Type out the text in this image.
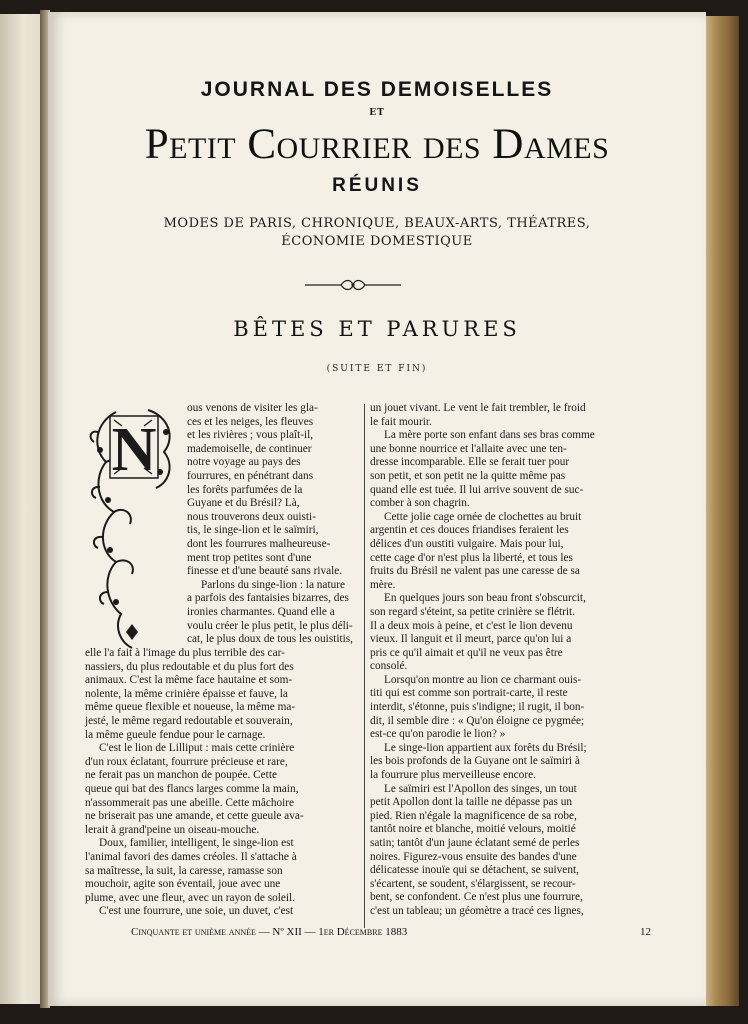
JOURNAL DES DEMOISELLES
ET
Petit Courrier des Dames
RÉUNIS
MODES DE PARIS, CHRONIQUE, BEAUX-ARTS, THÉATRES,
ÉCONOMIE DOMESTIQUE
BÊTES ET PARURES
(SUITE ET FIN)
N

ous venons de visiter les gla-

ces et les neiges, les fleuves

et les rivières ; vous plaît-il,

mademoiselle, de continuer

notre voyage au pays des

fourrures, en pénétrant dans

les forêts parfumées de la

Guyane et du Brésil? Là,

nous trouverons deux ouisti-

tis, le singe-lion et le saïmiri,

dont les fourrures malheureuse-

ment trop petites sont d'une

finesse et d'une beauté sans rivale.

Parlons du singe-lion : la nature

a parfois des fantaisies bizarres, des

ironies charmantes. Quand elle a

voulu créer le plus petit, le plus déli-

cat, le plus doux de tous les ouistitis,

elle l'a fait à l'image du plus terrible des car-

nassiers, du plus redoutable et du plus fort des

animaux. C'est la même face hautaine et som-

nolente, la même crinière épaisse et fauve, la

même queue flexible et noueuse, la même ma-

jesté, le même regard redoutable et souverain,

la même gueule fendue pour le carnage.

C'est le lion de Lilliput : mais cette crinière

d'un roux éclatant, fourrure précieuse et rare,

ne ferait pas un manchon de poupée. Cette

queue qui bat des flancs larges comme la main,

n'assommerait pas une abeille. Cette mâchoire

ne briserait pas une amande, et cette gueule ava-

lerait à grand'peine un oiseau-mouche.

Doux, familier, intelligent, le singe-lion est

l'animal favori des dames créoles. Il s'attache à

sa maîtresse, la suit, la caresse, ramasse son

mouchoir, agite son éventail, joue avec une

plume, avec une fleur, avec un rayon de soleil.

C'est une fourrure, une soie, un duvet, c'est

un jouet vivant. Le vent le fait trembler, le froid

le fait mourir.

La mère porte son enfant dans ses bras comme

une bonne nourrice et l'allaite avec une ten-

dresse incomparable. Elle se ferait tuer pour

son petit, et son petit ne la quitte même pas

quand elle est tuée. Il lui arrive souvent de suc-

comber à son chagrin.

Cette jolie cage ornée de clochettes au bruit

argentin et ces douces friandises feraient les

délices d'un oustiti vulgaire. Mais pour lui,

cette cage d'or n'est plus la liberté, et tous les

fruits du Brésil ne valent pas une caresse de sa

mère.

En quelques jours son beau front s'obscurcit,

son regard s'éteint, sa petite crinière se flétrit.

Il a deux mois à peine, et c'est le lion devenu

vieux. Il languit et il meurt, parce qu'on lui a

pris ce qu'il aimait et qu'il ne veux pas être

consolé.

Lorsqu'on montre au lion ce charmant ouis-

titi qui est comme son portrait-carte, il reste

interdit, s'étonne, puis s'indigne; il rugit, il bon-

dit, il semble dire : « Qu'on éloigne ce pygmée;

est-ce qu'on parodie le lion? »

Le singe-lion appartient aux forêts du Brésil;

les bois profonds de la Guyane ont le saïmiri à

la fourrure plus merveilleuse encore.

Le saïmiri est l'Apollon des singes, un tout

petit Apollon dont la taille ne dépasse pas un

pied. Rien n'égale la magnificence de sa robe,

tantôt noire et blanche, moitié velours, moitié

satin; tantôt d'un jaune éclatant semé de perles

noires. Figurez-vous ensuite des bandes d'une

délicatesse inouïe qui se détachent, se suivent,

s'écartent, se soudent, s'élargissent, se recour-

bent, se confondent. Ce n'est plus une fourrure,

c'est un tableau; un géomètre a tracé ces lignes,

Cinquante et unième année — Nº XII — 1er Décembre 1883	12
